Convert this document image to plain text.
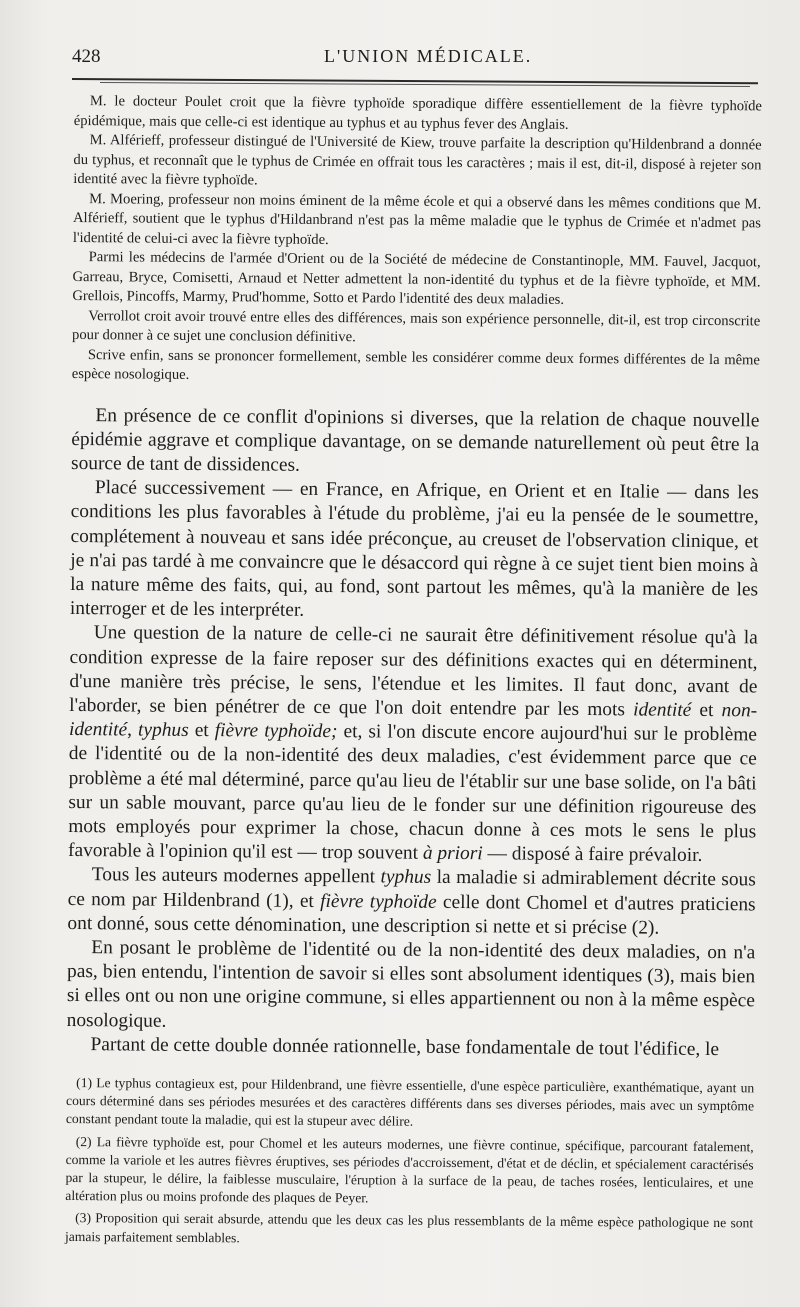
428	L'UNION MÉDICALE.

M. le docteur Poulet croit que la fièvre typhoïde sporadique diffère essentiellement de la fièvre typhoïde épidémique, mais que celle-ci est identique au typhus et au typhus fever des Anglais.

M. Alférieff, professeur distingué de l'Université de Kiew, trouve parfaite la description qu'Hildenbrand a donnée du typhus, et reconnaît que le typhus de Crimée en offrait tous les caractères ; mais il est, dit-il, disposé à rejeter son identité avec la fièvre typhoïde.

M. Moering, professeur non moins éminent de la même école et qui a observé dans les mêmes conditions que M. Alférieff, soutient que le typhus d'Hildanbrand n'est pas la même maladie que le typhus de Crimée et n'admet pas l'identité de celui-ci avec la fièvre typhoïde.

Parmi les médecins de l'armée d'Orient ou de la Société de médecine de Constantinople, MM. Fauvel, Jacquot, Garreau, Bryce, Comisetti, Arnaud et Netter admettent la non-identité du typhus et de la fièvre typhoïde, et MM. Grellois, Pincoffs, Marmy, Prud'homme, Sotto et Pardo l'identité des deux maladies.

Verrollot croit avoir trouvé entre elles des différences, mais son expérience personnelle, dit-il, est trop circonscrite pour donner à ce sujet une conclusion définitive.

Scrive enfin, sans se prononcer formellement, semble les considérer comme deux formes différentes de la même espèce nosologique.

En présence de ce conflit d'opinions si diverses, que la relation de chaque nouvelle épidémie aggrave et complique davantage, on se demande naturellement où peut être la source de tant de dissidences.

Placé successivement — en France, en Afrique, en Orient et en Italie — dans les conditions les plus favorables à l'étude du problème, j'ai eu la pensée de le soumettre, complétement à nouveau et sans idée préconçue, au creuset de l'observation clinique, et je n'ai pas tardé à me convaincre que le désaccord qui règne à ce sujet tient bien moins à la nature même des faits, qui, au fond, sont partout les mêmes, qu'à la manière de les interroger et de les interpréter.

Une question de la nature de celle-ci ne saurait être définitivement résolue qu'à la condition expresse de la faire reposer sur des définitions exactes qui en déterminent, d'une manière très précise, le sens, l'étendue et les limites. Il faut donc, avant de l'aborder, se bien pénétrer de ce que l'on doit entendre par les mots identité et non-identité, typhus et fièvre typhoïde; et, si l'on discute encore aujourd'hui sur le problème de l'identité ou de la non-identité des deux maladies, c'est évidemment parce que ce problème a été mal déterminé, parce qu'au lieu de l'établir sur une base solide, on l'a bâti sur un sable mouvant, parce qu'au lieu de le fonder sur une définition rigoureuse des mots employés pour exprimer la chose, chacun donne à ces mots le sens le plus favorable à l'opinion qu'il est — trop souvent à priori — disposé à faire prévaloir.

Tous les auteurs modernes appellent typhus la maladie si admirablement décrite sous ce nom par Hildenbrand (1), et fièvre typhoïde celle dont Chomel et d'autres praticiens ont donné, sous cette dénomination, une description si nette et si précise (2).

En posant le problème de l'identité ou de la non-identité des deux maladies, on n'a pas, bien entendu, l'intention de savoir si elles sont absolument identiques (3), mais bien si elles ont ou non une origine commune, si elles appartiennent ou non à la même espèce nosologique.

Partant de cette double donnée rationnelle, base fondamentale de tout l'édifice, le

(1) Le typhus contagieux est, pour Hildenbrand, une fièvre essentielle, d'une espèce particulière, exanthématique, ayant un cours déterminé dans ses périodes mesurées et des caractères différents dans ses diverses périodes, mais avec un symptôme constant pendant toute la maladie, qui est la stupeur avec délire.

(2) La fièvre typhoïde est, pour Chomel et les auteurs modernes, une fièvre continue, spécifique, parcourant fatalement, comme la variole et les autres fièvres éruptives, ses périodes d'accroissement, d'état et de déclin, et spécialement caractérisés par la stupeur, le délire, la faiblesse musculaire, l'éruption à la surface de la peau, de taches rosées, lenticulaires, et une altération plus ou moins profonde des plaques de Peyer.

(3) Proposition qui serait absurde, attendu que les deux cas les plus ressemblants de la même espèce pathologique ne sont jamais parfaitement semblables.
